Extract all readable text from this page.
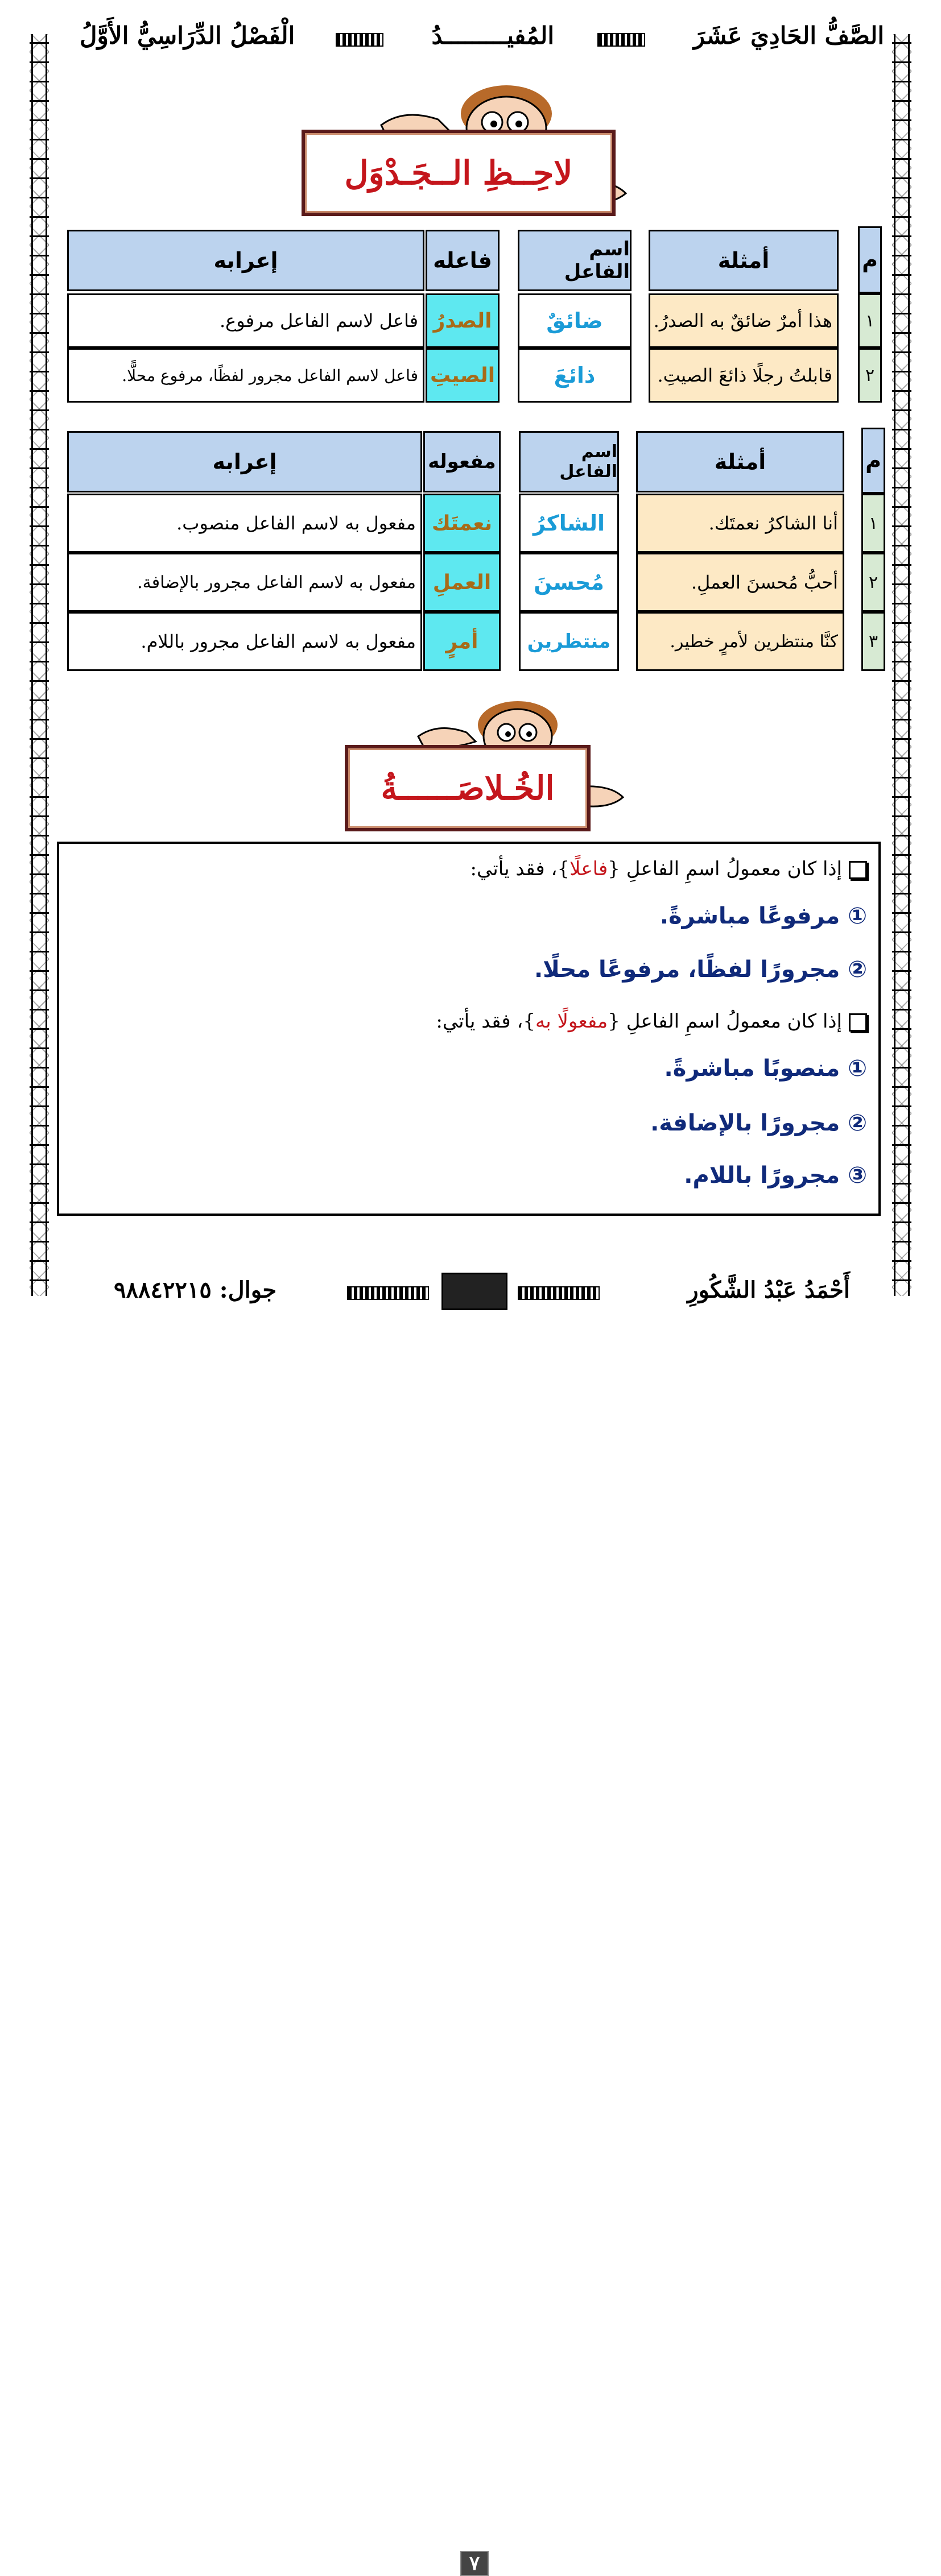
الصَّفُّ الحَادِيَ عَشَرَ
المُفيـــــــــدُ
الْفَصْلُ الدِّرَاسِيُّ الأَوَّلُ
لاحِــظِ الــجَـدْوَل
م
أمثلة
اسم الفاعل
فاعله
إعرابه
١
هذا أمرٌ ضائقٌ به الصدرُ.
ضائقٌ
الصدرُ
فاعل لاسم الفاعل مرفوع.
٢
قابلتُ رجلًا ذائعَ الصيتِ.
ذائعَ
الصيتِ
فاعل لاسم الفاعل مجرور لفظًا، مرفوع محلًّا.
م
أمثلة
اسم الفاعل
مفعوله
إعرابه
١
أنا الشاكرُ نعمتَك.
الشاكرُ
نعمتَك
مفعول به لاسم الفاعل منصوب.
٢
أحبُّ مُحسنَ العملِ.
مُحسنَ
العملِ
مفعول به لاسم الفاعل مجرور بالإضافة.
٣
كنَّا منتظرين لأمرٍ خطير.
منتظرين
أمرٍ
مفعول به لاسم الفاعل مجرور باللام.
الخُـلاصَــــــةُ
إذا كان معمولُ اسمِ الفاعلِ {فاعلًا}، فقد يأتي:
① مرفوعًا مباشرةً.
② مجرورًا لفظًا، مرفوعًا محلًا.
إذا كان معمولُ اسمِ الفاعلِ {مفعولًا به}، فقد يأتي:
① منصوبًا مباشرةً.
② مجرورًا بالإضافة.
③ مجرورًا باللام.
أَحْمَدُ عَبْدُ الشَّكُورِ
٧
جوال: ٩٨٨٤٢٢١٥
